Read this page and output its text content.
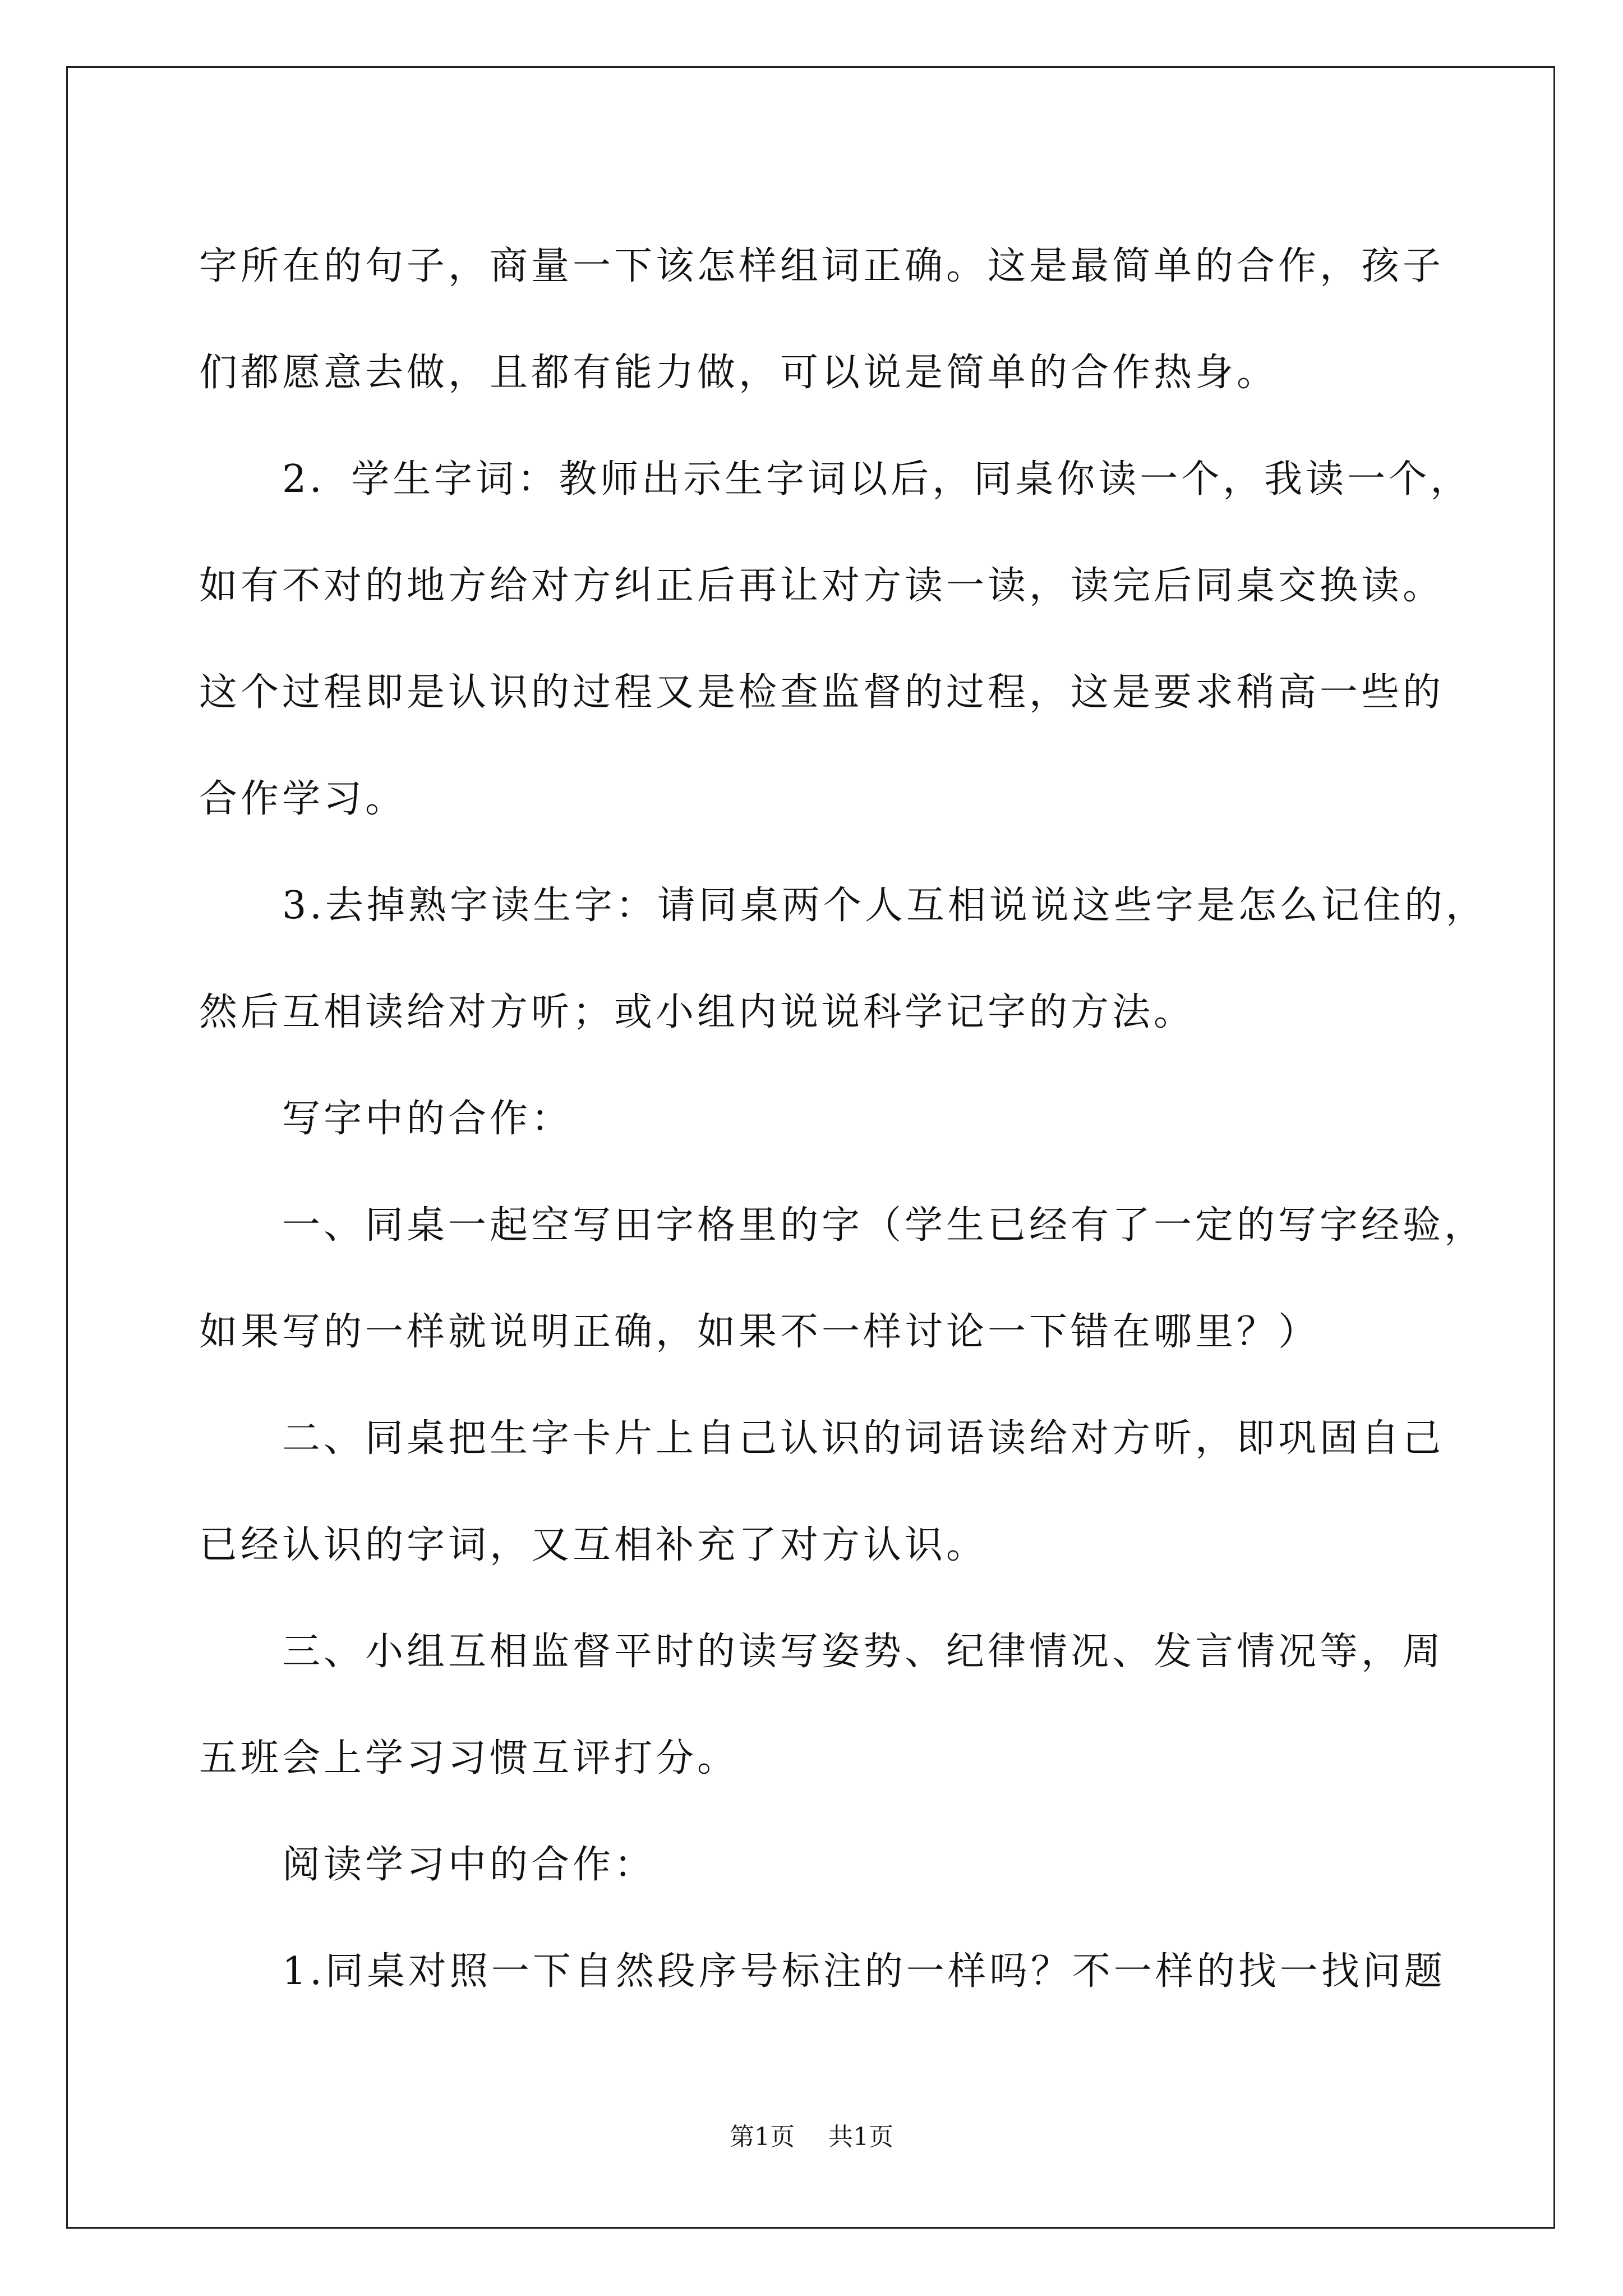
字所在的句子，商量一下该怎样组词正确。这是最简单的合作，孩子

们都愿意去做，且都有能力做，可以说是简单的合作热身。

2．学生字词：教师出示生字词以后，同桌你读一个，我读一个，

如有不对的地方给对方纠正后再让对方读一读，读完后同桌交换读。

这个过程即是认识的过程又是检查监督的过程，这是要求稍高一些的

合作学习。

3.去掉熟字读生字：请同桌两个人互相说说这些字是怎么记住的，

然后互相读给对方听；或小组内说说科学记字的方法。

写字中的合作：

一、同桌一起空写田字格里的字（学生已经有了一定的写字经验，

如果写的一样就说明正确，如果不一样讨论一下错在哪里？）

二、同桌把生字卡片上自己认识的词语读给对方听，即巩固自己

已经认识的字词，又互相补充了对方认识。

三、小组互相监督平时的读写姿势、纪律情况、发言情况等，周

五班会上学习习惯互评打分。

阅读学习中的合作：

1.同桌对照一下自然段序号标注的一样吗？不一样的找一找问题

第1页 共1页
